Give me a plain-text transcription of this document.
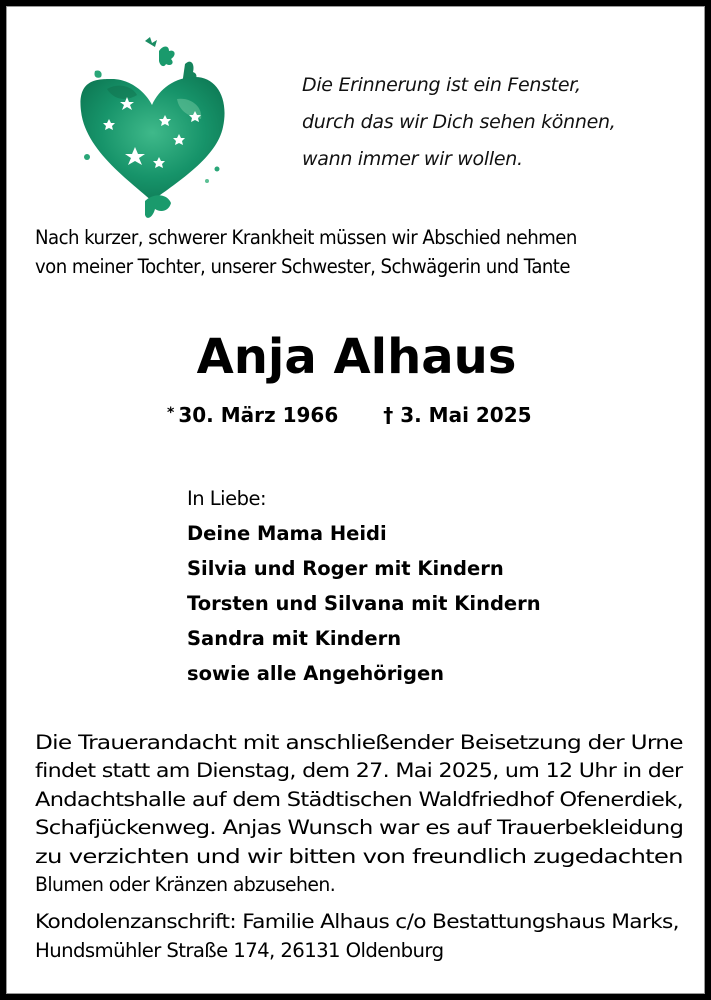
Die Erinnerung ist ein Fenster,
durch das wir Dich sehen können,
wann immer wir wollen.
Nach kurzer, schwerer Krankheit müssen wir Abschied nehmen
von meiner Tochter, unserer Schwester, Schwägerin und Tante
Anja Alhaus
* 30. März 1966 † 3. Mai 2025
In Liebe:
Deine Mama Heidi
Silvia und Roger mit Kindern
Torsten und Silvana mit Kindern
Sandra mit Kindern
sowie alle Angehörigen
Die Trauerandacht mit anschließender Beisetzung der Urne
findet statt am Dienstag, dem 27. Mai 2025, um 12 Uhr in der
Andachtshalle auf dem Städtischen Waldfriedhof Ofenerdiek,
Schafjückenweg. Anjas Wunsch war es auf Trauerbekleidung
zu verzichten und wir bitten von freundlich zugedachten
Blumen oder Kränzen abzusehen.
Kondolenzanschrift: Familie Alhaus c/o Bestattungshaus Marks,
Hundsmühler Straße 174, 26131 Oldenburg
